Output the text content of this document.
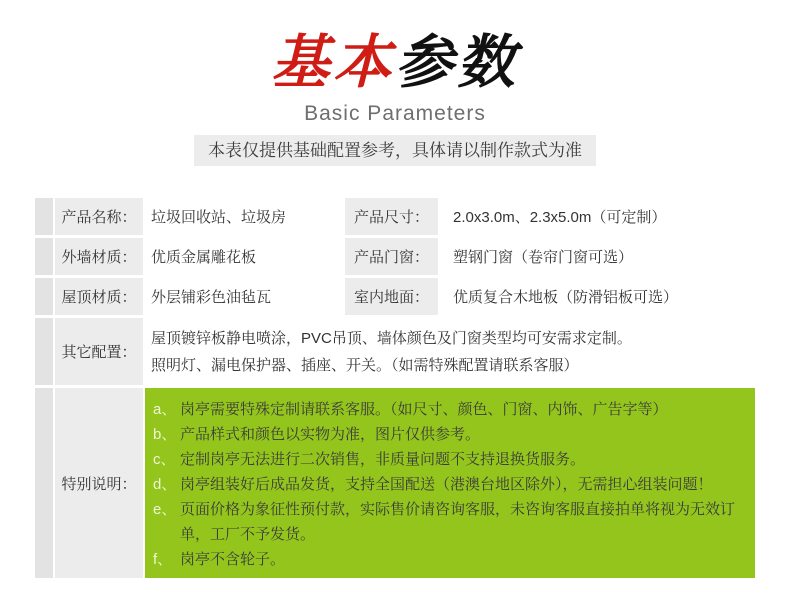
基本参数
Basic Parameters
本表仅提供基础配置参考，具体请以制作款式为准
产品名称： 垃圾回收站、垃圾房	产品尺寸：	2.0x3.0m、2.3x5.0m（可定制）
外墙材质： 优质金属雕花板	产品门窗：	塑钢门窗（卷帘门窗可选）
屋顶材质： 外层铺彩色油毡瓦	室内地面：	优质复合木地板（防滑铝板可选）
其它配置：
屋顶镀锌板静电喷涂，PVC吊顶、墙体颜色及门窗类型均可安需求定制。
照明灯、漏电保护器、插座、开关。（如需特殊配置请联系客服）
特别说明：
a、 岗亭需要特殊定制请联系客服。（如尺寸、颜色、门窗、内饰、广告字等）
b、 产品样式和颜色以实物为准，图片仅供参考。
c、 定制岗亭无法进行二次销售，非质量问题不支持退换货服务。
d、 岗亭组装好后成品发货，支持全国配送（港澳台地区除外），无需担心组装问题！
e、 页面价格为象征性预付款，实际售价请咨询客服，未咨询客服直接拍单将视为无效订单，工厂不予发货。
f、 岗亭不含轮子。
